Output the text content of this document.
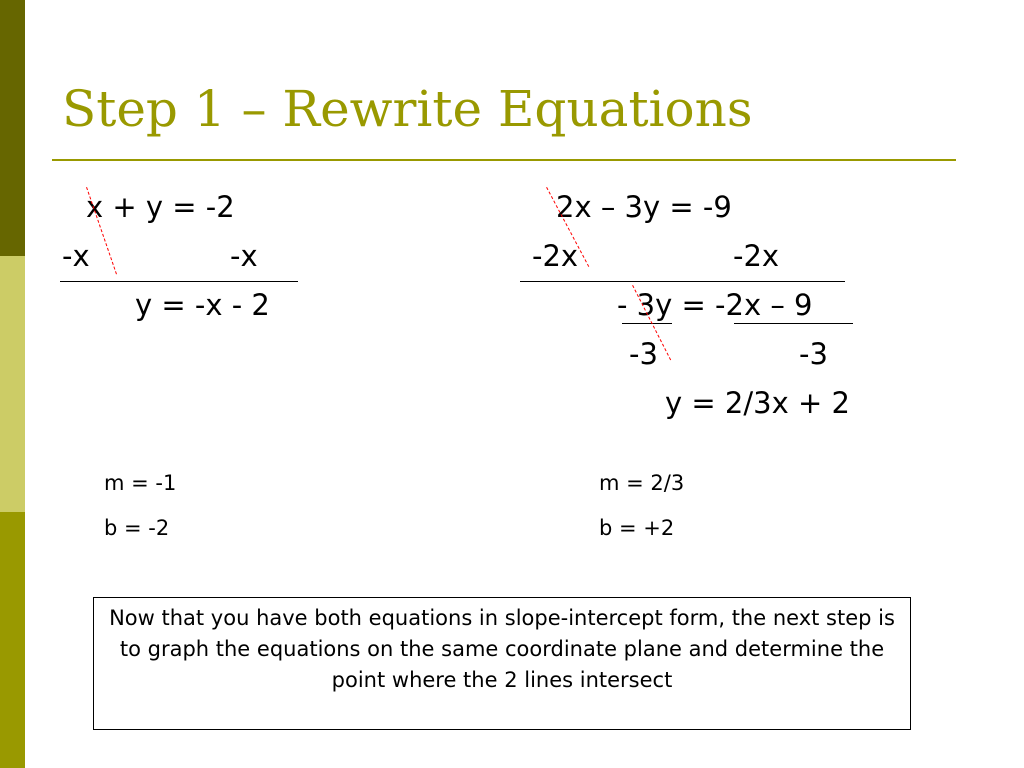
Step 1 – Rewrite Equations
x + y = -2
-x	-x
y = -x - 2
2x – 3y = -9
-2x	-2x
- 3y = -2x – 9
-3	-3
y = 2/3x + 2
m = -1
b = -2
m = 2/3
b = +2
Now that you have both equations in slope-intercept form, the next step is to graph the equations on the same coordinate plane and determine the point where the 2 lines intersect
